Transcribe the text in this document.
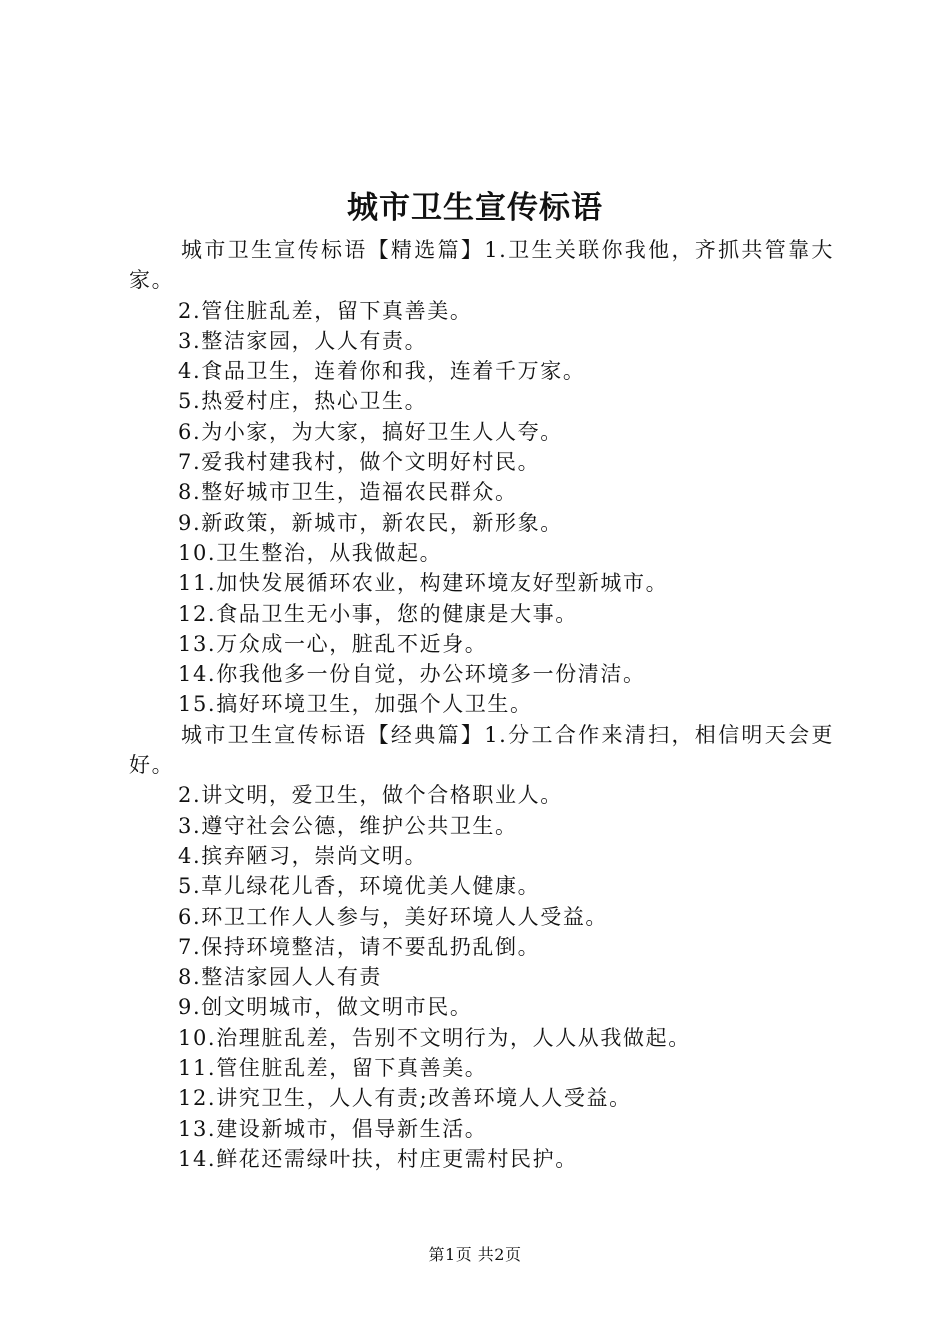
城市卫生宣传标语

城市卫生宣传标语【精选篇】1.卫生关联你我他，齐抓共管靠大家。

2.管住脏乱差，留下真善美。

3.整洁家园，人人有责。

4.食品卫生，连着你和我，连着千万家。

5.热爱村庄，热心卫生。

6.为小家，为大家，搞好卫生人人夸。

7.爱我村建我村，做个文明好村民。

8.整好城市卫生，造福农民群众。

9.新政策，新城市，新农民，新形象。

10.卫生整治，从我做起。

11.加快发展循环农业，构建环境友好型新城市。

12.食品卫生无小事，您的健康是大事。

13.万众成一心，脏乱不近身。

14.你我他多一份自觉，办公环境多一份清洁。

15.搞好环境卫生，加强个人卫生。

城市卫生宣传标语【经典篇】1.分工合作来清扫，相信明天会更好。

2.讲文明，爱卫生，做个合格职业人。

3.遵守社会公德，维护公共卫生。

4.摈弃陋习，崇尚文明。

5.草儿绿花儿香，环境优美人健康。

6.环卫工作人人参与，美好环境人人受益。

7.保持环境整洁，请不要乱扔乱倒。

8.整洁家园人人有责

9.创文明城市，做文明市民。

10.治理脏乱差，告别不文明行为，人人从我做起。

11.管住脏乱差，留下真善美。

12.讲究卫生，人人有责;改善环境人人受益。

13.建设新城市，倡导新生活。

14.鲜花还需绿叶扶，村庄更需村民护。

第1页 共2页
